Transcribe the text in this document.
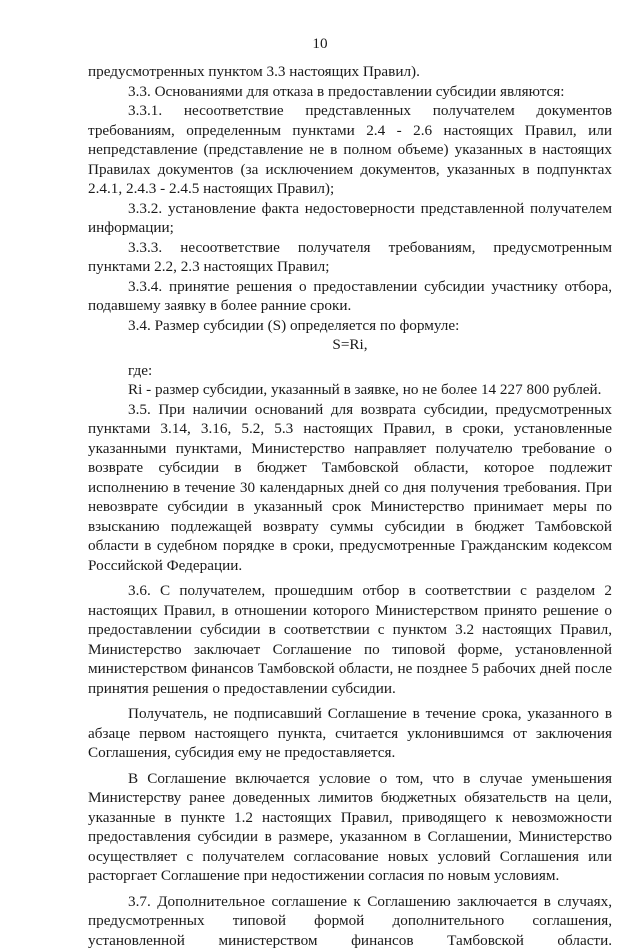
10

предусмотренных пунктом 3.3 настоящих Правил).

3.3. Основаниями для отказа в предоставлении субсидии являются:

3.3.1. несоответствие представленных получателем документов требованиям, определенным пунктами 2.4 - 2.6 настоящих Правил, или непредставление (представление не в полном объеме) указанных в настоящих Правилах документов (за исключением документов, указанных в подпунктах 2.4.1, 2.4.3 - 2.4.5 настоящих Правил);

3.3.2. установление факта недостоверности представленной получателем информации;

3.3.3. несоответствие получателя требованиям, предусмотренным пунктами 2.2, 2.3 настоящих Правил;

3.3.4. принятие решения о предоставлении субсидии участнику отбора, подавшему заявку в более ранние сроки.

3.4. Размер субсидии (S) определяется по формуле:

S=Ri,

где:

Ri - размер субсидии, указанный в заявке, но не более 14 227 800 рублей.

3.5. При наличии оснований для возврата субсидии, предусмотренных пунктами 3.14, 3.16, 5.2, 5.3 настоящих Правил, в сроки, установленные указанными пунктами, Министерство направляет получателю требование о возврате субсидии в бюджет Тамбовской области, которое подлежит исполнению в течение 30 календарных дней со дня получения требования. При невозврате субсидии в указанный срок Министерство принимает меры по взысканию подлежащей возврату суммы субсидии в бюджет Тамбовской области в судебном порядке в сроки, предусмотренные Гражданским кодексом Российской Федерации.

3.6. С получателем, прошедшим отбор в соответствии с разделом 2 настоящих Правил, в отношении которого Министерством принято решение о предоставлении субсидии в соответствии с пунктом 3.2 настоящих Правил, Министерство заключает Соглашение по типовой форме, установленной министерством финансов Тамбовской области, не позднее 5 рабочих дней после принятия решения о предоставлении субсидии.

Получатель, не подписавший Соглашение в течение срока, указанного в абзаце первом настоящего пункта, считается уклонившимся от заключения Соглашения, субсидия ему не предоставляется.

В Соглашение включается условие о том, что в случае уменьшения Министерству ранее доведенных лимитов бюджетных обязательств на цели, указанные в пункте 1.2 настоящих Правил, приводящего к невозможности предоставления субсидии в размере, указанном в Соглашении, Министерство осуществляет с получателем согласование новых условий Соглашения или расторгает Соглашение при недостижении согласия по новым условиям.

3.7. Дополнительное соглашение к Соглашению заключается в случаях, предусмотренных типовой формой дополнительного соглашения, установленной министерством финансов Тамбовской области.
